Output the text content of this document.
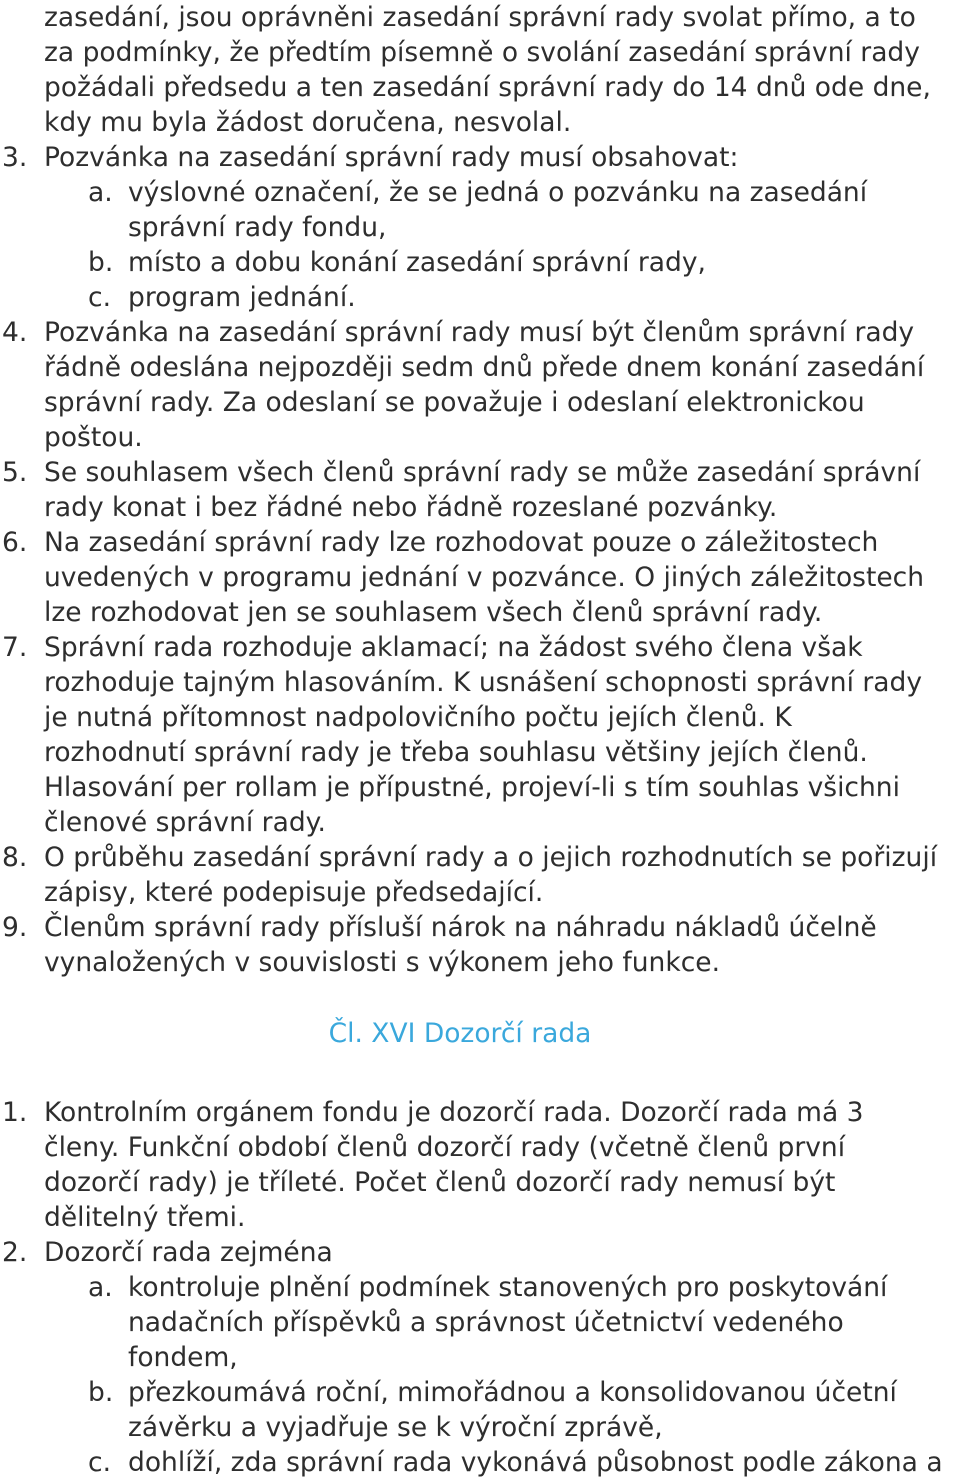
zasedání, jsou oprávněni zasedání správní rady svolat přímo, a to

za podmínky, že předtím písemně o svolání zasedání správní rady

požádali předsedu a ten zasedání správní rady do 14 dnů ode dne,

kdy mu byla žádost doručena, nesvolal.

3. Pozvánka na zasedání správní rady musí obsahovat:

a. výslovné označení, že se jedná o pozvánku na zasedání

správní rady fondu,

b. místo a dobu konání zasedání správní rady,

c. program jednání.

4. Pozvánka na zasedání správní rady musí být členům správní rady

řádně odeslána nejpozději sedm dnů přede dnem konání zasedání

správní rady. Za odeslaní se považuje i odeslaní elektronickou

poštou.

5. Se souhlasem všech členů správní rady se může zasedání správní

rady konat i bez řádné nebo řádně rozeslané pozvánky.

6. Na zasedání správní rady lze rozhodovat pouze o záležitostech

uvedených v programu jednání v pozvánce. O jiných záležitostech

lze rozhodovat jen se souhlasem všech členů správní rady.

7. Správní rada rozhoduje aklamací; na žádost svého člena však

rozhoduje tajným hlasováním. K usnášení schopnosti správní rady

je nutná přítomnost nadpolovičního počtu jejích členů. K

rozhodnutí správní rady je třeba souhlasu většiny jejích členů.

Hlasování per rollam je přípustné, projeví-li s tím souhlas všichni

členové správní rady.

8. O průběhu zasedání správní rady a o jejich rozhodnutích se pořizují

zápisy, které podepisuje předsedající.

9. Členům správní rady přísluší nárok na náhradu nákladů účelně

vynaložených v souvislosti s výkonem jeho funkce.

Čl. XVI Dozorčí rada
1. Kontrolním orgánem fondu je dozorčí rada. Dozorčí rada má 3

členy. Funkční období členů dozorčí rady (včetně členů první

dozorčí rady) je tříleté. Počet členů dozorčí rady nemusí být

dělitelný třemi.

2. Dozorčí rada zejména

a. kontroluje plnění podmínek stanovených pro poskytování

nadačních příspěvků a správnost účetnictví vedeného

fondem,

b. přezkoumává roční, mimořádnou a konsolidovanou účetní

závěrku a vyjadřuje se k výroční zprávě,

c. dohlíží, zda správní rada vykonává působnost podle zákona a
